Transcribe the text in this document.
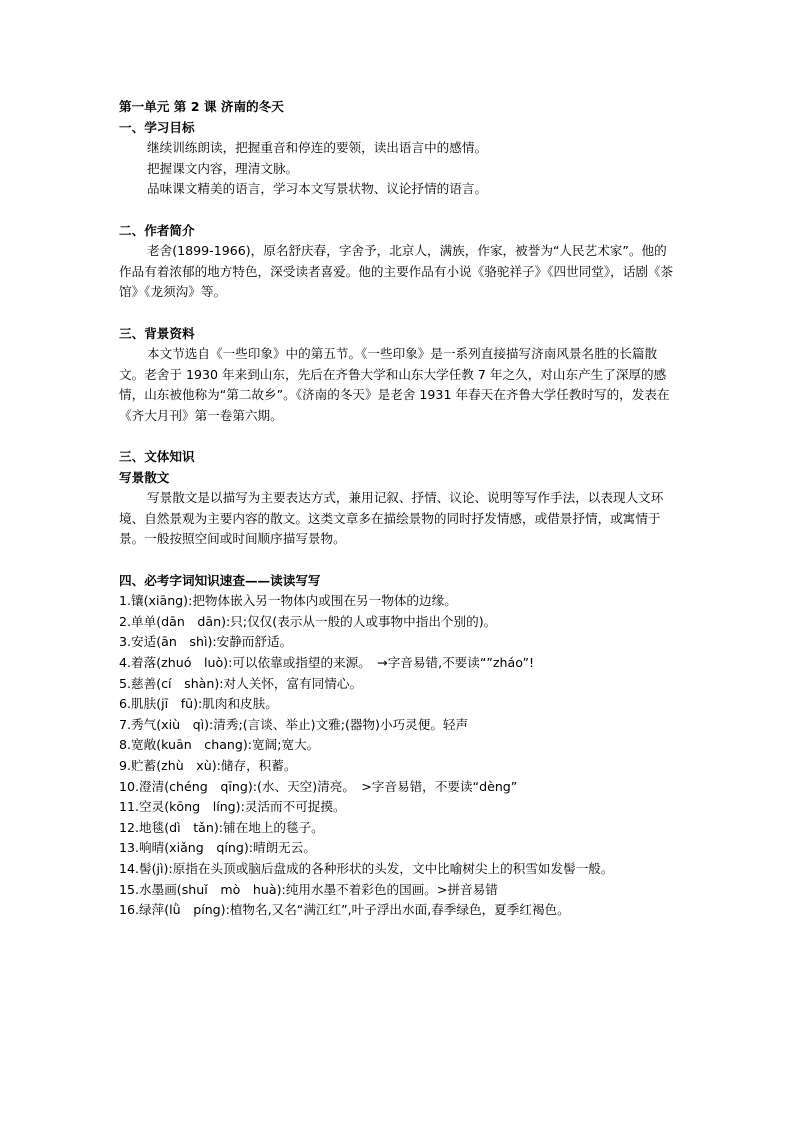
第一单元 第 2 课 济南的冬天

一、学习目标

继续训练朗读，把握重音和停连的要领，读出语言中的感情。

把握课文内容，理清文脉。

品味课文精美的语言，学习本文写景状物、议论抒情的语言。

二、作者简介

老舍(1899-1966)，原名舒庆春，字舍予，北京人，满族，作家，被誉为“人民艺术家”。他的作品有着浓郁的地方特色，深受读者喜爱。他的主要作品有小说《骆驼祥子》《四世同堂》，话剧《茶馆》《龙须沟》等。

三、背景资料

本文节选自《一些印象》中的第五节。《一些印象》是一系列直接描写济南风景名胜的长篇散文。老舍于 1930 年来到山东，先后在齐鲁大学和山东大学任教 7 年之久，对山东产生了深厚的感情，山东被他称为“第二故乡”。《济南的冬天》是老舍 1931 年春天在齐鲁大学任教时写的，发表在《齐大月刊》第一卷第六期。

三、文体知识

写景散文

写景散文是以描写为主要表达方式，兼用记叙、抒情、议论、说明等写作手法，以表现人文环境、自然景观为主要内容的散文。这类文章多在描绘景物的同时抒发情感，或借景抒情，或寓情于景。一般按照空间或时间顺序描写景物。

四、必考字词知识速查——读读写写

1.镶(xiāng):把物体嵌入另一物体内或围在另一物体的边缘。

2.单单(dān　dān):只;仅仅(表示从一般的人或事物中指出个别的)。

3.安适(ān　shì):安静而舒适。

4.着落(zhuó　luò):可以依靠或指望的来源。　→字音易错,不要读“”zháo”!

5.慈善(cí　shàn):对人关怀，富有同情心。

6.肌肤(jī　fū):肌肉和皮肤。

7.秀气(xiù　qì):清秀;(言谈、举止)文雅;(器物)小巧灵便。轻声

8.宽敞(kuān　chang):宽阔;宽大。

9.贮蓄(zhù　xù):储存，积蓄。

10.澄清(chéng　qīng):(水、天空)清亮。　>字音易错，不要读“dèng”

11.空灵(kōng　líng):灵活而不可捉摸。

12.地毯(dì　tǎn):铺在地上的毯子。

13.响晴(xiǎng　qíng):晴朗无云。

14.髻(jì):原指在头顶或脑后盘成的各种形状的头发，文中比喻树尖上的积雪如发髻一般。

15.水墨画(shuǐ　mò　huà):纯用水墨不着彩色的国画。>拼音易错

16.绿萍(lǜ　píng):植物名,又名“满江红”,叶子浮出水面,春季绿色，夏季红褐色。
